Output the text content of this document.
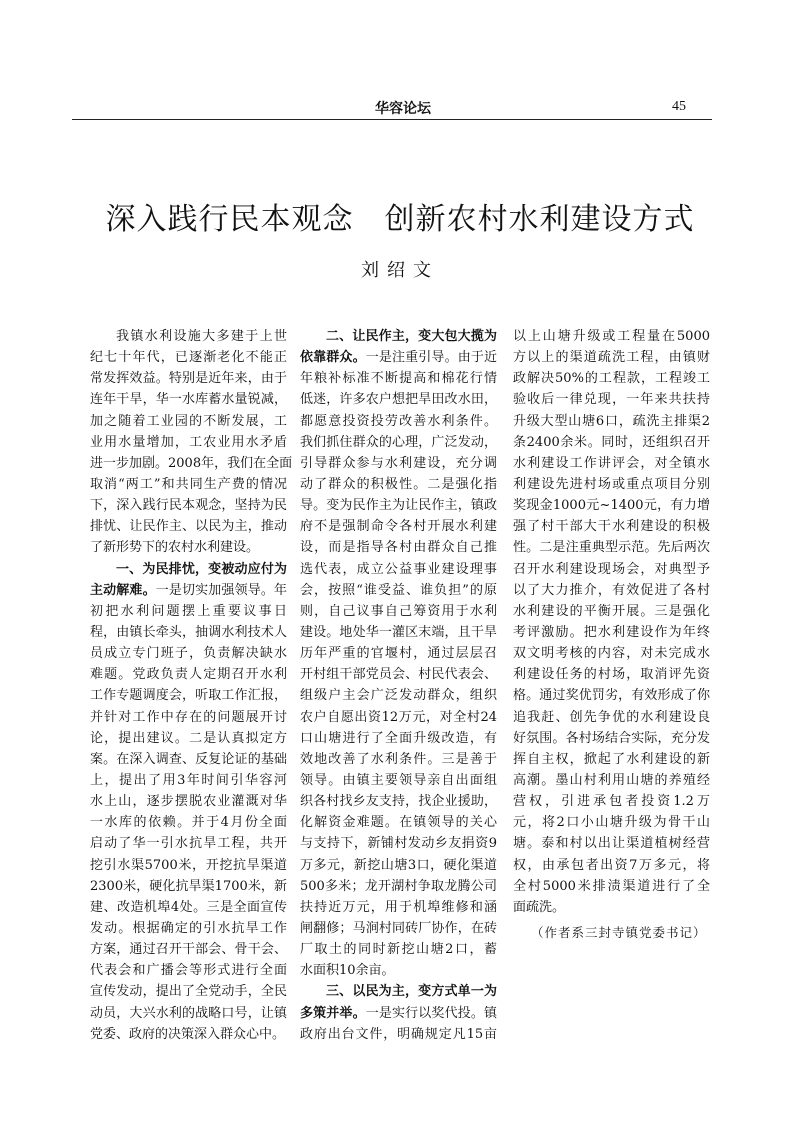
华容论坛	45
深入践行民本观念　创新农村水利建设方式
刘绍文
我镇水利设施大多建于上世
纪七十年代，已逐渐老化不能正
常发挥效益。特别是近年来，由于
连年干旱，华一水库蓄水量锐减，
加之随着工业园的不断发展，工
业用水量增加，工农业用水矛盾
进一步加剧。2008年，我们在全面
取消“两工”和共同生产费的情况
下，深入践行民本观念，坚持为民
排忧、让民作主、以民为主，推动
了新形势下的农村水利建设。
一、为民排忧，变被动应付为
主动解难。一是切实加强领导。年
初把水利问题摆上重要议事日
程，由镇长牵头，抽调水利技术人
员成立专门班子，负责解决缺水
难题。党政负责人定期召开水利
工作专题调度会，听取工作汇报，
并针对工作中存在的问题展开讨
论，提出建议。二是认真拟定方
案。在深入调查、反复论证的基础
上，提出了用3年时间引华容河
水上山，逐步摆脱农业灌溉对华
一水库的依赖。并于4月份全面
启动了华一引水抗旱工程，共开
挖引水渠5700米，开挖抗旱渠道
2300米，硬化抗旱渠1700米，新
建、改造机埠4处。三是全面宣传
发动。根据确定的引水抗旱工作
方案，通过召开干部会、骨干会、
代表会和广播会等形式进行全面
宣传发动，提出了全党动手，全民
动员，大兴水利的战略口号，让镇
党委、政府的决策深入群众心中。
二、让民作主，变大包大揽为
依靠群众。一是注重引导。由于近
年粮补标准不断提高和棉花行情
低迷，许多农户想把旱田改水田，
都愿意投资投劳改善水利条件。
我们抓住群众的心理，广泛发动，
引导群众参与水利建设，充分调
动了群众的积极性。二是强化指
导。变为民作主为让民作主，镇政
府不是强制命令各村开展水利建
设，而是指导各村由群众自己推
选代表，成立公益事业建设理事
会，按照“谁受益、谁负担”的原
则，自己议事自己筹资用于水利
建设。地处华一灌区末端，且干旱
历年严重的官堰村，通过层层召
开村组干部党员会、村民代表会、
组级户主会广泛发动群众，组织
农户自愿出资12万元，对全村24
口山塘进行了全面升级改造，有
效地改善了水利条件。三是善于
领导。由镇主要领导亲自出面组
织各村找乡友支持，找企业援助，
化解资金难题。在镇领导的关心
与支持下，新铺村发动乡友捐资9
万多元，新挖山塘3口，硬化渠道
500多米；龙开湖村争取龙腾公司
扶持近万元，用于机埠维修和涵
闸翻修；马涧村同砖厂协作，在砖
厂取土的同时新挖山塘2口，蓄
水面积10余亩。
三、以民为主，变方式单一为
多策并举。一是实行以奖代投。镇
政府出台文件，明确规定凡15亩
以上山塘升级或工程量在5000
方以上的渠道疏洗工程，由镇财
政解决50%的工程款，工程竣工
验收后一律兑现，一年来共扶持
升级大型山塘6口，疏洗主排渠2
条2400余米。同时，还组织召开
水利建设工作讲评会，对全镇水
利建设先进村场或重点项目分别
奖现金1000元~1400元，有力增
强了村干部大干水利建设的积极
性。二是注重典型示范。先后两次
召开水利建设现场会，对典型予
以了大力推介，有效促进了各村
水利建设的平衡开展。三是强化
考评激励。把水利建设作为年终
双文明考核的内容，对未完成水
利建设任务的村场，取消评先资
格。通过奖优罚劣，有效形成了你
追我赶、创先争优的水利建设良
好氛围。各村场结合实际，充分发
挥自主权，掀起了水利建设的新
高潮。墨山村利用山塘的养殖经
营权，引进承包者投资1.2万
元，将2口小山塘升级为骨干山
塘。泰和村以出让渠道植树经营
权，由承包者出资7万多元，将
全村5000米排渍渠道进行了全
面疏洗。
（作者系三封寺镇党委书记）
